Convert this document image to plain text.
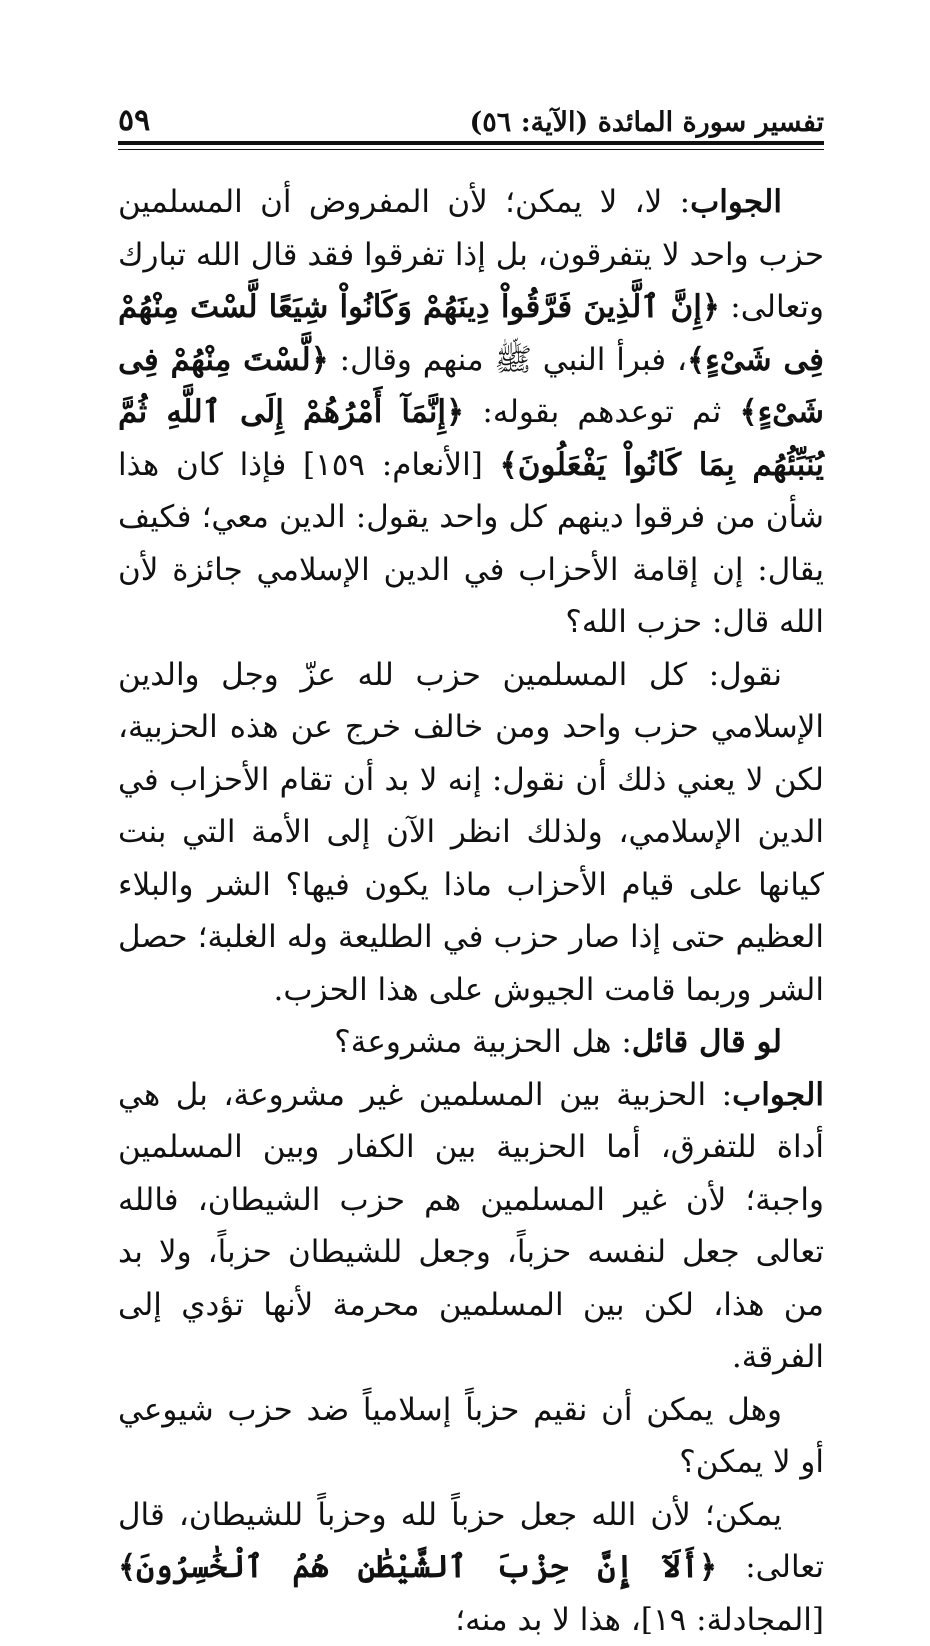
تفسير سورة المائدة (الآية: ٥٦)
٥٩

الجواب: لا، لا يمكن؛ لأن المفروض أن المسلمين حزب واحد لا يتفرقون، بل إذا تفرقوا فقد قال الله تبارك وتعالى: ﴿إِنَّ ٱلَّذِينَ فَرَّقُواْ دِينَهُمْ وَكَانُواْ شِيَعًا لَّسْتَ مِنْهُمْ فِى شَىْءٍ﴾، فبرأ النبي ﷺ منهم وقال: ﴿لَّسْتَ مِنْهُمْ فِى شَىْءٍ﴾ ثم توعدهم بقوله: ﴿إِنَّمَآ أَمْرُهُمْ إِلَى ٱللَّهِ ثُمَّ يُنَبِّئُهُم بِمَا كَانُواْ يَفْعَلُونَ﴾ [الأنعام: ١٥٩] فإذا كان هذا شأن من فرقوا دينهم كل واحد يقول: الدين معي؛ فكيف يقال: إن إقامة الأحزاب في الدين الإسلامي جائزة لأن الله قال: حزب الله؟

نقول: كل المسلمين حزب لله عزّ وجل والدين الإسلامي حزب واحد ومن خالف خرج عن هذه الحزبية، لكن لا يعني ذلك أن نقول: إنه لا بد أن تقام الأحزاب في الدين الإسلامي، ولذلك انظر الآن إلى الأمة التي بنت كيانها على قيام الأحزاب ماذا يكون فيها؟ الشر والبلاء العظيم حتى إذا صار حزب في الطليعة وله الغلبة؛ حصل الشر وربما قامت الجيوش على هذا الحزب.

لو قال قائل: هل الحزبية مشروعة؟

الجواب: الحزبية بين المسلمين غير مشروعة، بل هي أداة للتفرق، أما الحزبية بين الكفار وبين المسلمين واجبة؛ لأن غير المسلمين هم حزب الشيطان، فالله تعالى جعل لنفسه حزباً، وجعل للشيطان حزباً، ولا بد من هذا، لكن بين المسلمين محرمة لأنها تؤدي إلى الفرقة.

وهل يمكن أن نقيم حزباً إسلامياً ضد حزب شيوعي أو لا يمكن؟

يمكن؛ لأن الله جعل حزباً لله وحزباً للشيطان، قال تعالى: ﴿أَلَآ إِنَّ حِزْبَ ٱلشَّيْطَٰنِ هُمُ ٱلْخَٰسِرُونَ﴾ [المجادلة: ١٩]، هذا لا بد منه؛
